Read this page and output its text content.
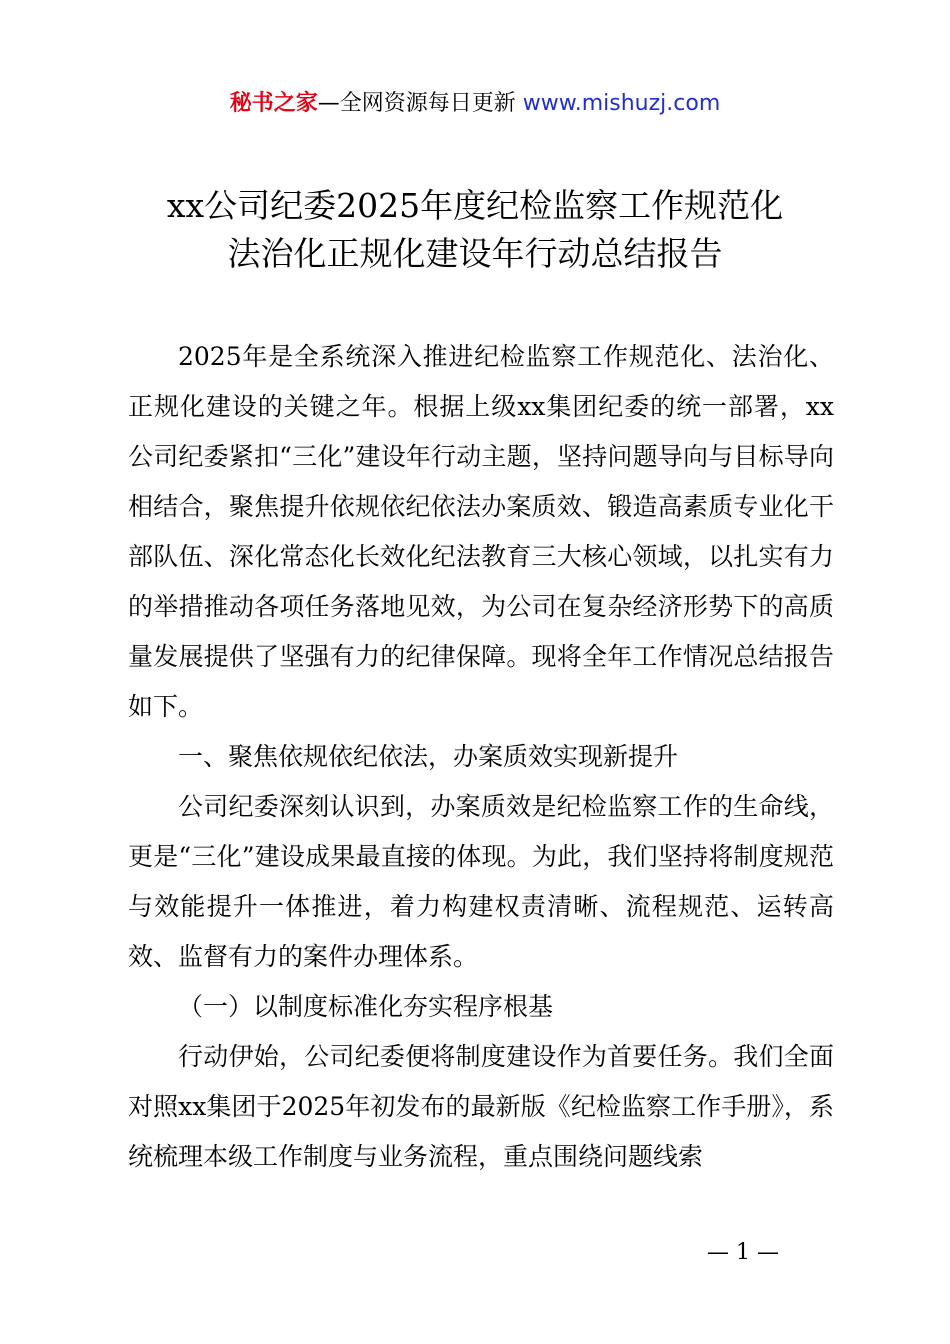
秘书之家—全网资源每日更新 www.mishuzj.com
xx公司纪委2025年度纪检监察工作规范化
法治化正规化建设年行动总结报告

2025年是全系统深入推进纪检监察工作规范化、法治化、正规化建设的关键之年。根据上级xx集团纪委的统一部署，xx公司纪委紧扣“三化”建设年行动主题，坚持问题导向与目标导向相结合，聚焦提升依规依纪依法办案质效、锻造高素质专业化干部队伍、深化常态化长效化纪法教育三大核心领域，以扎实有力的举措推动各项任务落地见效，为公司在复杂经济形势下的高质量发展提供了坚强有力的纪律保障。现将全年工作情况总结报告如下。

一、聚焦依规依纪依法，办案质效实现新提升

公司纪委深刻认识到，办案质效是纪检监察工作的生命线，更是“三化”建设成果最直接的体现。为此，我们坚持将制度规范与效能提升一体推进，着力构建权责清晰、流程规范、运转高效、监督有力的案件办理体系。

（一）以制度标准化夯实程序根基

行动伊始，公司纪委便将制度建设作为首要任务。我们全面对照xx集团于2025年初发布的最新版《纪检监察工作手册》，系统梳理本级工作制度与业务流程，重点围绕问题线索

— 1 —
